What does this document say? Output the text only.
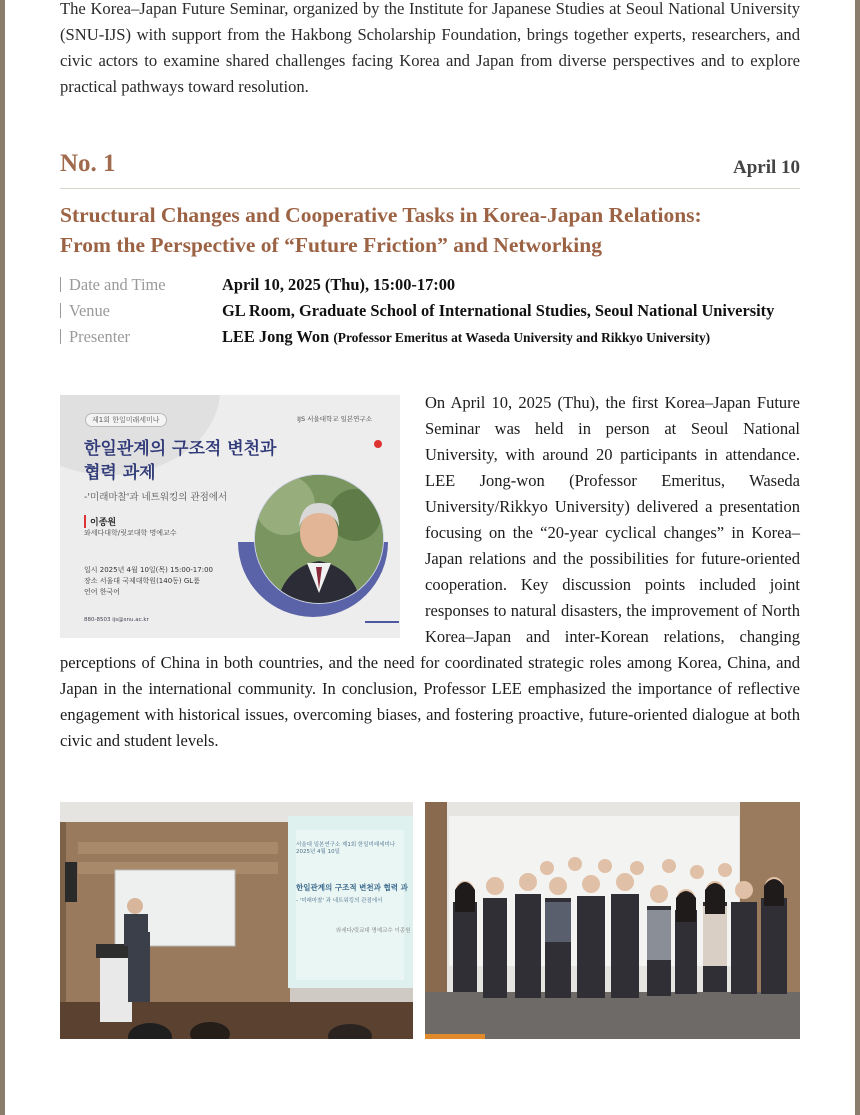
The Korea–Japan Future Seminar, organized by the Institute for Japanese Studies at Seoul National University (SNU-IJS) with support from the Hakbong Scholarship Foundation, brings together experts, researchers, and civic actors to examine shared challenges facing Korea and Japan from diverse perspectives and to explore practical pathways toward resolution.

No. 1	April 10
Structural Changes and Cooperative Tasks in Korea-Japan Relations:
From the Perspective of “Future Friction” and Networking
Date and Time	April 10, 2025 (Thu), 15:00-17:00
Venue	GL Room, Graduate School of International Studies, Seoul National University
Presenter	LEE Jong Won (Professor Emeritus at Waseda University and Rikkyo University)
제1회 한일미래세미나	IJS 서울대학교 일본연구소
한일관계의 구조적 변천과 협력 과제
-'미래마찰'과 네트워킹의 관점에서
이종원
와세다대학/릿쿄대학 명예교수
일시 2025년 4월 10일(목) 15:00-17:00
장소 서울대 국제대학원(140동) GL룸
언어 한국어
880-8503 ijs@snu.ac.kr

On April 10, 2025 (Thu), the first Korea–Japan Future Seminar was held in person at Seoul National University, with around 20 participants in attendance. LEE Jong-won (Professor Emeritus, Waseda University/Rikkyo University) delivered a presentation focusing on the “20-year cyclical changes” in Korea–Japan relations and the possibilities for future-oriented cooperation. Key discussion points included joint responses to natural disasters, the improvement of North Korea–Japan and inter-Korean relations, changing perceptions of China in both countries, and the need for coordinated strategic roles among Korea, China, and Japan in the international community. In conclusion, Professor LEE emphasized the importance of reflective engagement with historical issues, overcoming biases, and fostering proactive, future-oriented dialogue at both civic and student levels.

서울대 일본연구소 제1회 한일미래세미나 2025년 4월 10일
한일관계의 구조적 변천과 협력 과
- '미래마찰' 과 네트워킹의 관점에서
와세다/릿쿄대 명예교수 이종원
